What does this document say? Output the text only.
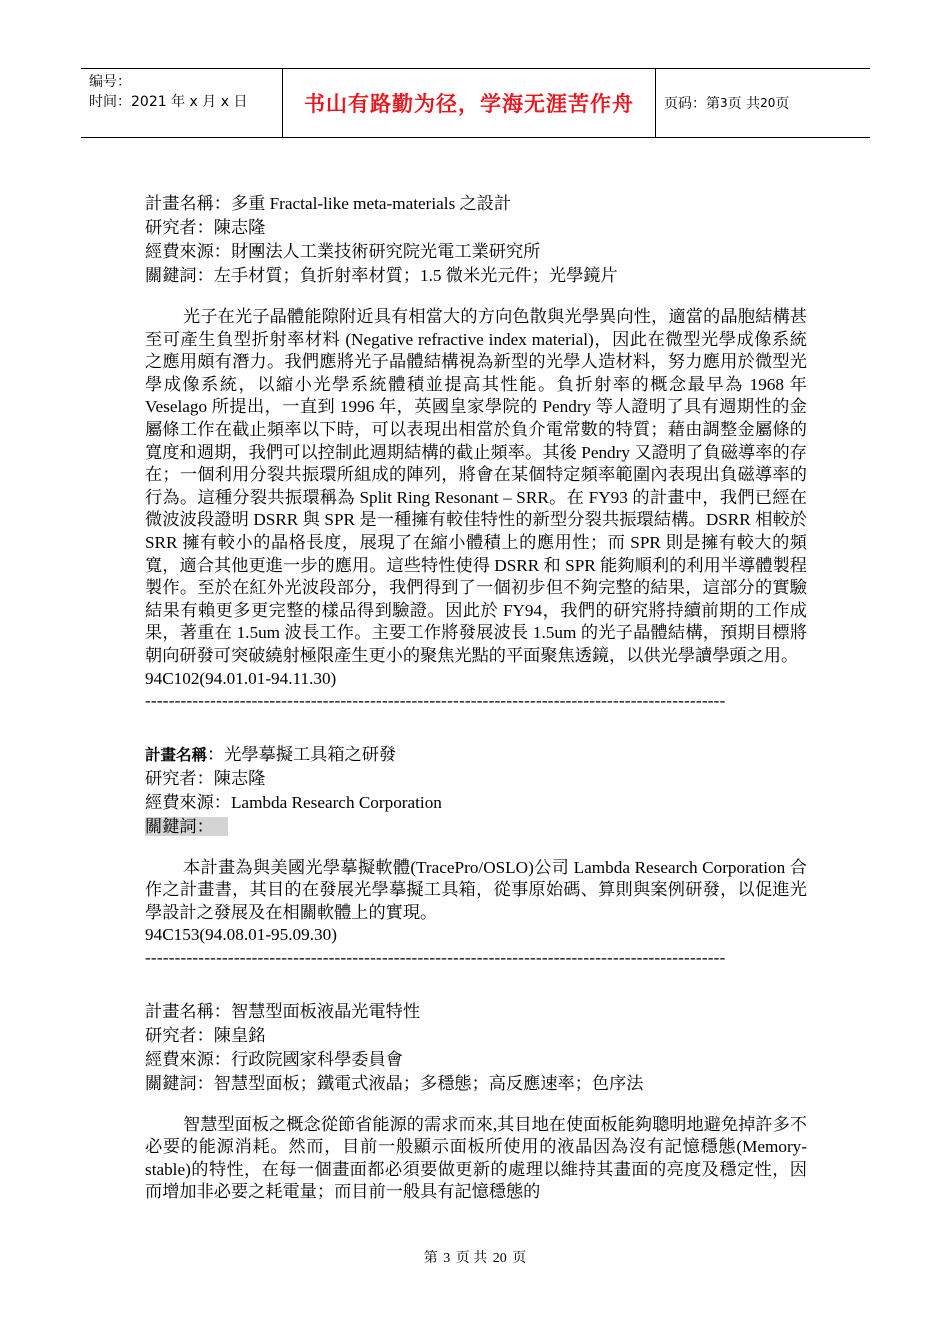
编号：
时间：2021 年 x 月 x 日	书山有路勤为径，学海无涯苦作舟	页码：第 3 页 共 20 页

計畫名稱：多重 Fractal-like meta-materials 之設計

研究者：陳志隆

經費來源：財團法人工業技術研究院光電工業研究所

關鍵詞：左手材質；負折射率材質；1.5 微米光元件；光學鏡片

光子在光子晶體能隙附近具有相當大的方向色散與光學異向性，適當的晶胞結構甚至可產生負型折射率材料 (Negative refractive index material)，因此在微型光學成像系統之應用頗有潛力。我們應將光子晶體結構視為新型的光學人造材料，努力應用於微型光學成像系統，以縮小光學系統體積並提高其性能。負折射率的概念最早為 1968 年 Veselago 所提出，一直到 1996 年，英國皇家學院的 Pendry 等人證明了具有週期性的金屬條工作在截止頻率以下時，可以表現出相當於負介電常數的特質；藉由調整金屬條的寬度和週期，我們可以控制此週期結構的截止頻率。其後 Pendry 又證明了負磁導率的存在；一個利用分裂共振環所組成的陣列，將會在某個特定頻率範圍內表現出負磁導率的行為。這種分裂共振環稱為 Split Ring Resonant – SRR。在 FY93 的計畫中，我們已經在微波波段證明 DSRR 與 SPR 是一種擁有較佳特性的新型分裂共振環結構。DSRR 相較於 SRR 擁有較小的晶格長度，展現了在縮小體積上的應用性；而 SPR 則是擁有較大的頻寬，適合其他更進一步的應用。這些特性使得 DSRR 和 SPR 能夠順利的利用半導體製程製作。至於在紅外光波段部分，我們得到了一個初步但不夠完整的結果，這部分的實驗結果有賴更多更完整的樣品得到驗證。因此於 FY94，我們的研究將持續前期的工作成果，著重在 1.5um 波長工作。主要工作將發展波長 1.5um 的光子晶體結構，預期目標將朝向研發可突破繞射極限產生更小的聚焦光點的平面聚焦透鏡，以供光學讀學頭之用。

94C102(94.01.01-94.11.30)

--------------------------------------------------------------------------------------------------

計畫名稱：光學摹擬工具箱之研發

研究者：陳志隆

經費來源：Lambda Research Corporation

關鍵詞：

本計畫為與美國光學摹擬軟體(TracePro/OSLO)公司 Lambda Research Corporation 合作之計畫書，其目的在發展光學摹擬工具箱，從事原始碼、算則與案例研發，以促進光學設計之發展及在相關軟體上的實現。

94C153(94.08.01-95.09.30)

--------------------------------------------------------------------------------------------------

計畫名稱：智慧型面板液晶光電特性

研究者：陳皇銘

經費來源：行政院國家科學委員會

關鍵詞：智慧型面板；鐵電式液晶；多穩態；高反應速率；色序法

智慧型面板之概念從節省能源的需求而來,其目地在使面板能夠聰明地避免掉許多不必要的能源消耗。然而，目前一般顯示面板所使用的液晶因為沒有記憶穩態(Memory-stable)的特性，在每一個畫面都必須要做更新的處理以維持其畫面的亮度及穩定性，因而增加非必要之耗電量；而目前一般具有記憶穩態的

第 3 页 共 20 页
